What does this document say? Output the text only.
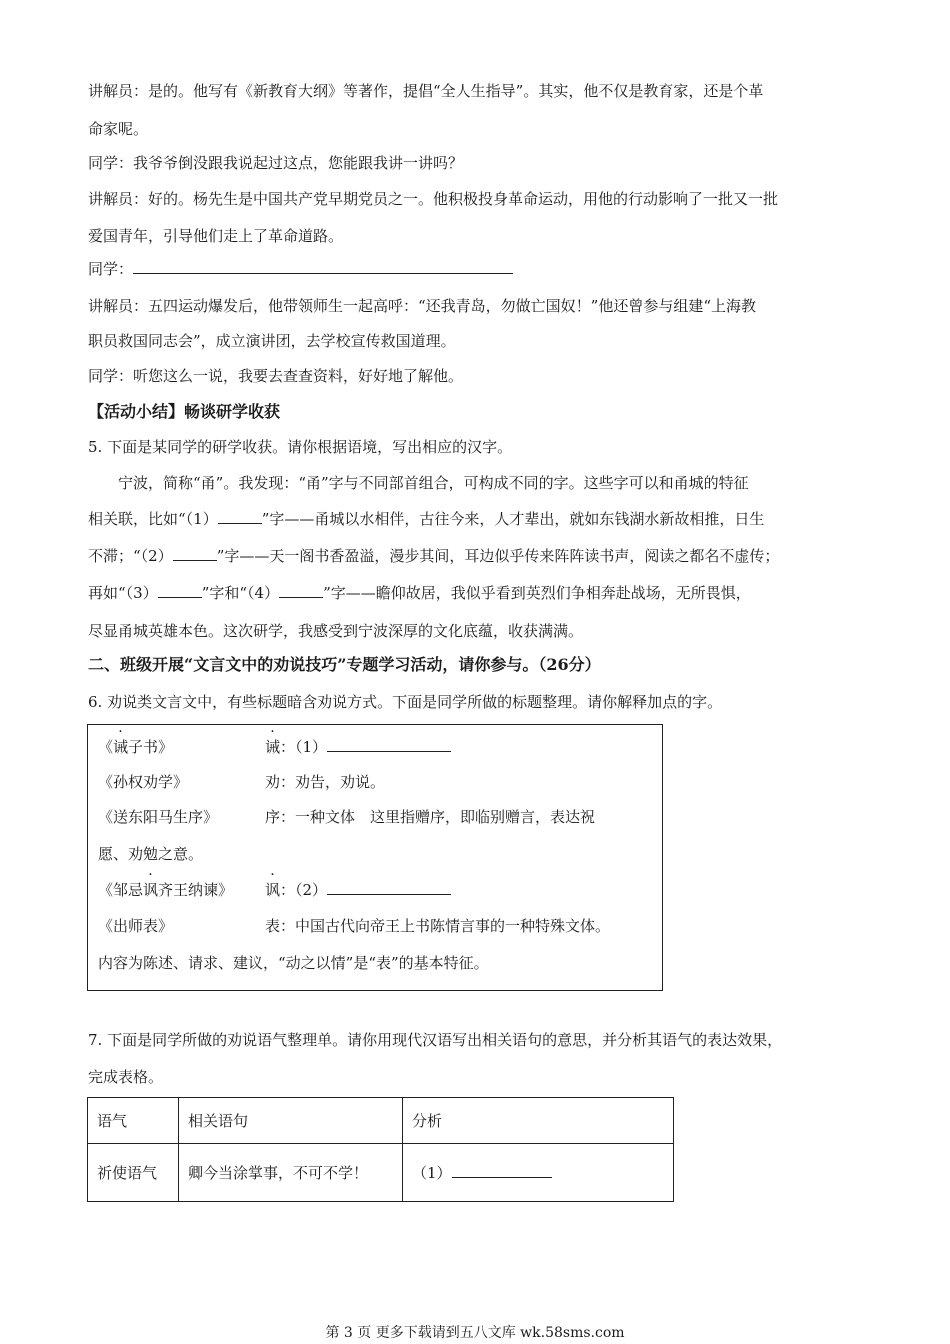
讲解员：是的。他写有《新教育大纲》等著作，提倡“全人生指导”。其实，他不仅是教育家，还是个革
命家呢。
同学：我爷爷倒没跟我说起过这点，您能跟我讲一讲吗？
讲解员：好的。杨先生是中国共产党早期党员之一。他积极投身革命运动，用他的行动影响了一批又一批
爱国青年，引导他们走上了革命道路。
同学：
讲解员：五四运动爆发后，他带领师生一起高呼：“还我青岛，勿做亡国奴！”他还曾参与组建“上海教
职员救国同志会”，成立演讲团，去学校宣传救国道理。
同学：听您这么一说，我要去查查资料，好好地了解他。
【活动小结】畅谈研学收获
5. 下面是某同学的研学收获。请你根据语境，写出相应的汉字。
宁波，简称“甬”。我发现：“甬”字与不同部首组合，可构成不同的字。这些字可以和甬城的特征
相关联，比如“（1）	”字——甬城以水相伴，古往今来，人才辈出，就如东钱湖水新故相推，日生
不滞；“（2）	”字——天一阁书香盈溢，漫步其间，耳边似乎传来阵阵读书声，阅读之都名不虚传；
再如“（3）	”字和“（4）	”字——瞻仰故居，我似乎看到英烈们争相奔赴战场，无所畏惧，
尽显甬城英雄本色。这次研学，我感受到宁波深厚的文化底蕴，收获满满。
二、班级开展“文言文中的劝说技巧”专题学习活动，请你参与。（26分）
6. 劝说类文言文中，有些标题暗含劝说方式。下面是同学所做的标题整理。请你解释加点的字。
《诫子书》	诫：（1）
《孙权劝学》	劝：劝告，劝说。
《送东阳马生序》	序：一种文体　这里指赠序，即临别赠言，表达祝
愿、劝勉之意。
《邹忌讽齐王纳谏》 讽：（2）
《出师表》	表：中国古代向帝王上书陈情言事的一种特殊文体。
内容为陈述、请求、建议，“动之以情”是“表”的基本特征。
7. 下面是同学所做的劝说语气整理单。请你用现代汉语写出相关语句的意思，并分析其语气的表达效果，
完成表格。
语气	相关语句	分析
祈使语气	卿今当涂掌事，不可不学！	（1）
第 3 页 更多下载请到五八文库 wk.58sms.com
